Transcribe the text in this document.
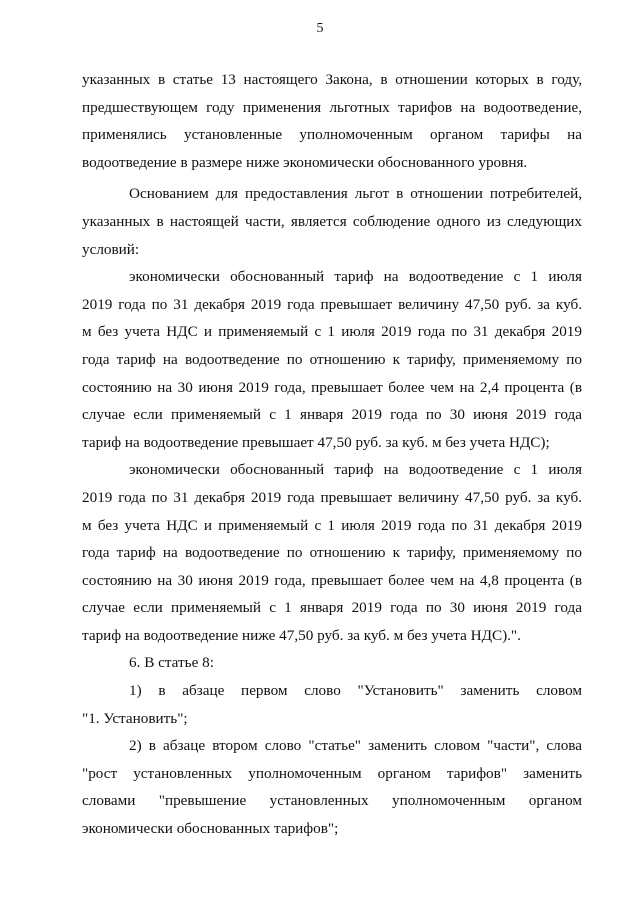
5
указанных в статье 13 настоящего Закона, в отношении которых в году,
предшествующем году применения льготных тарифов на водоотведение,
применялись установленные уполномоченным органом тарифы на
водоотведение в размере ниже экономически обоснованного уровня.
Основанием для предоставления льгот в отношении потребителей,
указанных в настоящей части, является соблюдение одного из следующих
условий:
экономически обоснованный тариф на водоотведение с 1 июля
2019 года по 31 декабря 2019 года превышает величину 47,50 руб. за куб.
м без учета НДС и применяемый с 1 июля 2019 года по 31 декабря 2019
года тариф на водоотведение по отношению к тарифу, применяемому по
состоянию на 30 июня 2019 года, превышает более чем на 2,4 процента (в
случае если применяемый с 1 января 2019 года по 30 июня 2019 года
тариф на водоотведение превышает 47,50 руб. за куб. м без учета НДС);
экономически обоснованный тариф на водоотведение с 1 июля
2019 года по 31 декабря 2019 года превышает величину 47,50 руб. за куб.
м без учета НДС и применяемый с 1 июля 2019 года по 31 декабря 2019
года тариф на водоотведение по отношению к тарифу, применяемому по
состоянию на 30 июня 2019 года, превышает более чем на 4,8 процента (в
случае если применяемый с 1 января 2019 года по 30 июня 2019 года
тариф на водоотведение ниже 47,50 руб. за куб. м без учета НДС).".
6. В статье 8:
1) в абзаце первом слово "Установить" заменить словом
"1. Установить";
2) в абзаце втором слово "статье" заменить словом "части", слова
"рост установленных уполномоченным органом тарифов" заменить
словами "превышение установленных уполномоченным органом
экономически обоснованных тарифов";
